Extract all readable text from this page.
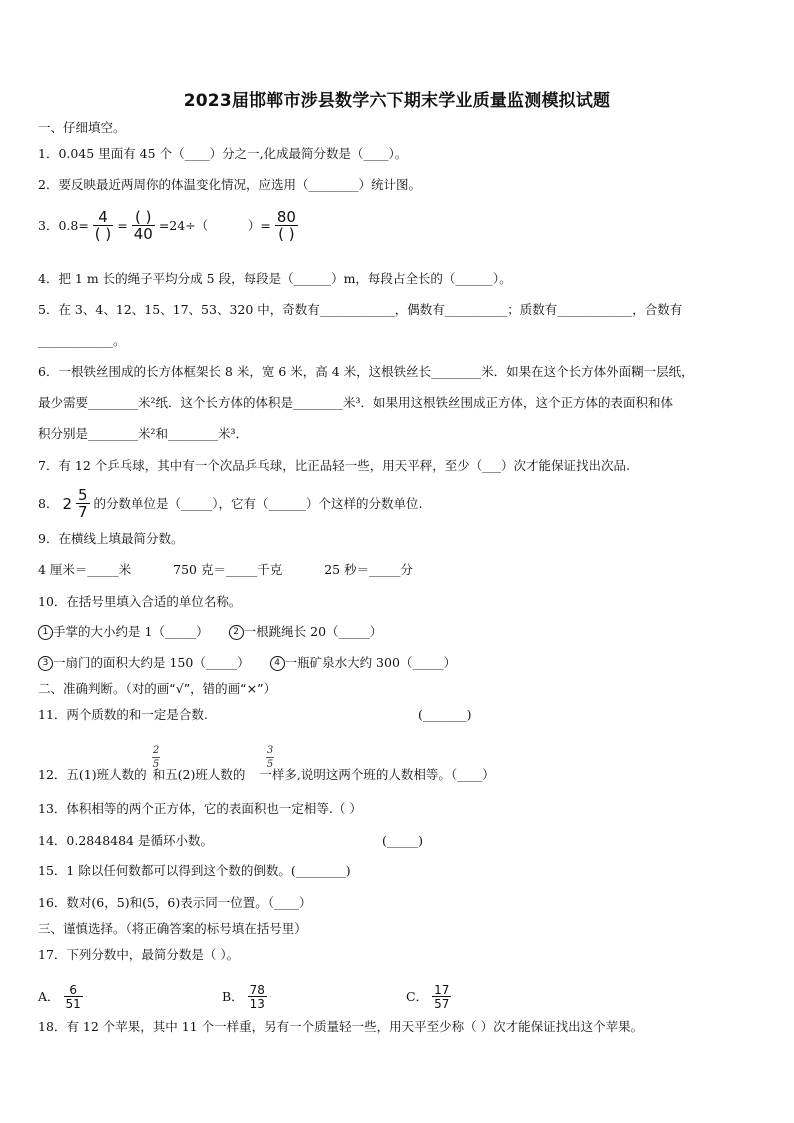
2023届邯郸市涉县数学六下期末学业质量监测模拟试题
一、仔细填空。
1．0.045 里面有 45 个（____）分之一,化成最简分数是（____）。
2．要反映最近两周你的体温变化情况，应选用（________）统计图。
3．$0.8= \frac{4}{( )} = \frac{( )}{40} =24\div$（          ）= $\frac{80}{( )}$
4．把 1 m 长的绳子平均分成 5 段，每段是（______）m，每段占全长的（______）。
5．在 3、4、12、15、17、53、320 中，奇数有____________，偶数有__________；质数有____________，合数有
____________。
6．一根铁丝围成的长方体框架长 8 米，宽 6 米，高 4 米，这根铁丝长________米．如果在这个长方体外面糊一层纸，
最少需要________米²纸．这个长方体的体积是________米³．如果用这根铁丝围成正方体，这个正方体的表面积和体
积分别是________米²和________米³．
7．有 12 个乒乓球，其中有一个次品乒乓球，比正品轻一些，用天平秤，至少（___）次才能保证找出次品.
8． $2 \frac{5}{7}$ 的分数单位是（_____），它有（______）个这样的分数单位.
9．在横线上填最简分数。
4 厘米＝_____米	750 克＝_____千克	25 秒＝_____分
10．在括号里填入合适的单位名称。
1 手掌的大小约是 1（_____）	2 一根跳绳长 20（_____）
3 一扇门的面积大约是 150（_____）	4 一瓶矿泉水大约 300（_____）
二、准确判断。（对的画“√”，错的画“×”）
11．两个质数的和一定是合数.	(_______)
2
5
3
5
12．五(1)班人数的 和五(2)班人数的 一样多,说明这两个班的人数相等。（____）
13．体积相等的两个正方体，它的表面积也一定相等.（ ）
14．0.2848484 是循环小数。	(_____)
15．1 除以任何数都可以得到这个数的倒数。(________)
16．数对(6，5)和(5，6)表示同一位置。（____）
三、谨慎选择。（将正确答案的标号填在括号里）
17．下列分数中，最简分数是（ ）。
A． $\frac{6}{51}$	B． $\frac{78}{13}$	C． $\frac{17}{57}$
18．有 12 个苹果，其中 11 个一样重，另有一个质量轻一些，用天平至少称（ ）次才能保证找出这个苹果。
